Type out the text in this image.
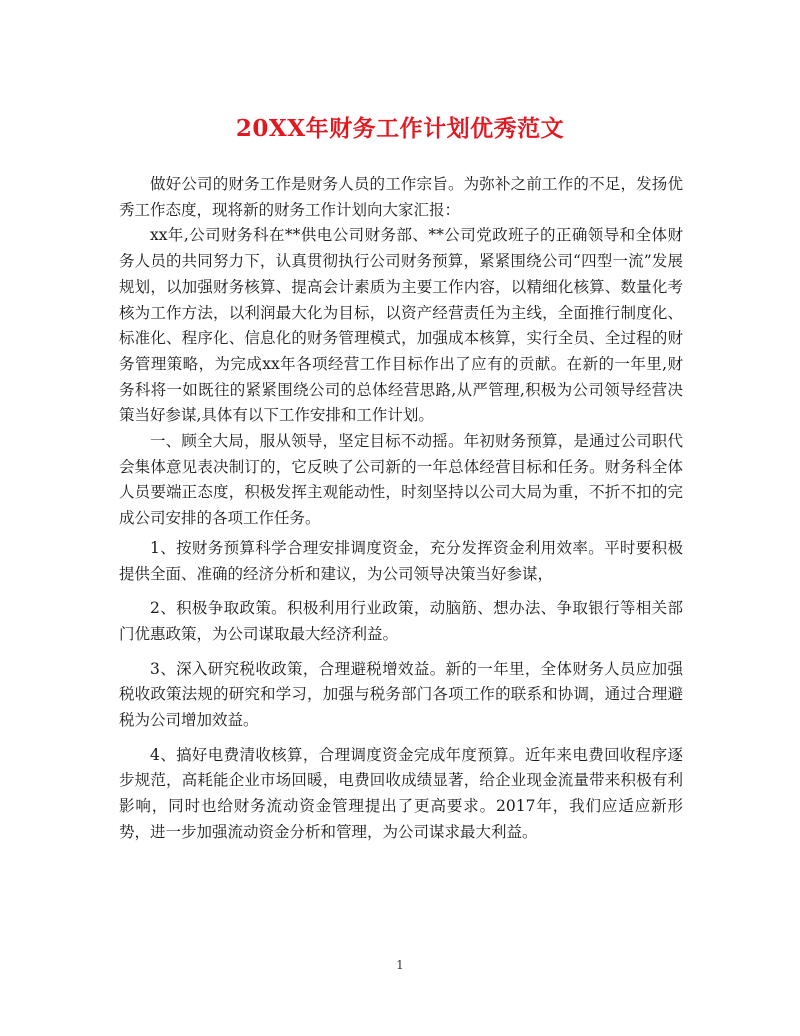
20XX年财务工作计划优秀范文

做好公司的财务工作是财务人员的工作宗旨。为弥补之前工作的不足，发扬优秀工作态度，现将新的财务工作计划向大家汇报：

xx年,公司财务科在**供电公司财务部、**公司党政班子的正确领导和全体财务人员的共同努力下，认真贯彻执行公司财务预算，紧紧围绕公司“四型一流”发展规划，以加强财务核算、提高会计素质为主要工作内容，以精细化核算、数量化考核为工作方法，以利润最大化为目标，以资产经营责任为主线，全面推行制度化、标准化、程序化、信息化的财务管理模式，加强成本核算，实行全员、全过程的财务管理策略，为完成xx年各项经营工作目标作出了应有的贡献。在新的一年里,财务科将一如既往的紧紧围绕公司的总体经营思路,从严管理,积极为公司领导经营决策当好参谋,具体有以下工作安排和工作计划。

一、顾全大局，服从领导，坚定目标不动摇。年初财务预算，是通过公司职代会集体意见表决制订的，它反映了公司新的一年总体经营目标和任务。财务科全体人员要端正态度，积极发挥主观能动性，时刻坚持以公司大局为重，不折不扣的完成公司安排的各项工作任务。

1、按财务预算科学合理安排调度资金，充分发挥资金利用效率。平时要积极提供全面、准确的经济分析和建议，为公司领导决策当好参谋，

2、积极争取政策。积极利用行业政策，动脑筋、想办法、争取银行等相关部门优惠政策，为公司谋取最大经济利益。

3、深入研究税收政策，合理避税增效益。新的一年里，全体财务人员应加强税收政策法规的研究和学习，加强与税务部门各项工作的联系和协调，通过合理避税为公司增加效益。

4、搞好电费清收核算，合理调度资金完成年度预算。近年来电费回收程序逐步规范，高耗能企业市场回暖，电费回收成绩显著，给企业现金流量带来积极有利影响，同时也给财务流动资金管理提出了更高要求。2017年，我们应适应新形势，进一步加强流动资金分析和管理，为公司谋求最大利益。

1
